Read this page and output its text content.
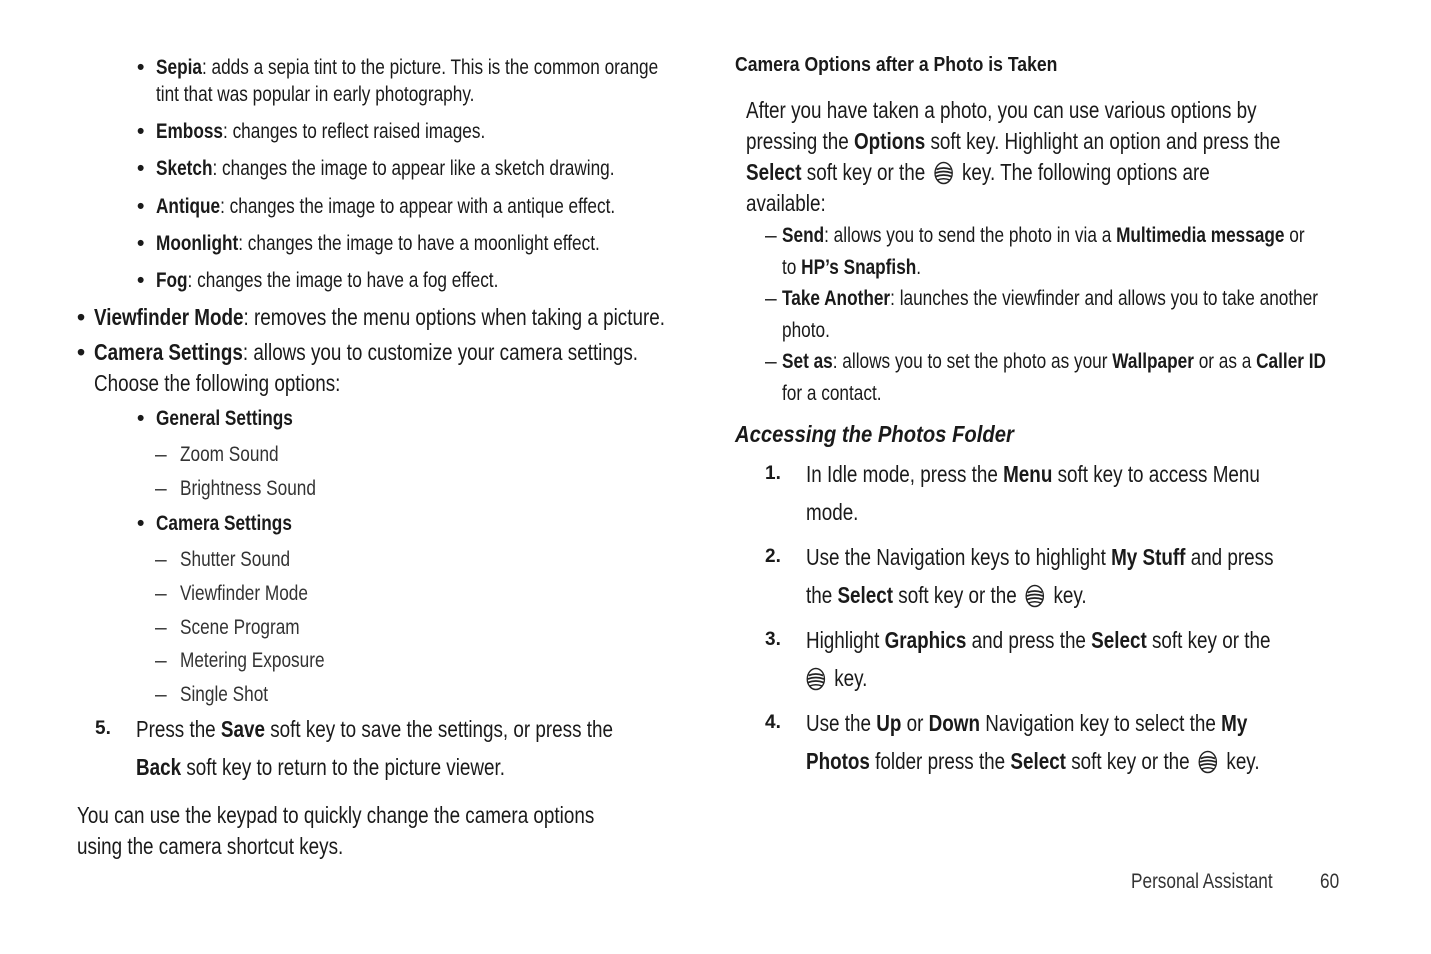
• Sepia: adds a sepia tint to the picture. This is the common orange
tint that was popular in early photography.
• Emboss: changes to reflect raised images.
• Sketch: changes the image to appear like a sketch drawing.
• Antique: changes the image to appear with a antique effect.
• Moonlight: changes the image to have a moonlight effect.
• Fog: changes the image to have a fog effect.
• Viewfinder Mode: removes the menu options when taking a picture.
• Camera Settings: allows you to customize your camera settings.
Choose the following options:
• General Settings
– Zoom Sound
– Brightness Sound
• Camera Settings
– Shutter Sound
– Viewfinder Mode
– Scene Program
– Metering Exposure
– Single Shot
5. Press the Save soft key to save the settings, or press the
Back soft key to return to the picture viewer.
You can use the keypad to quickly change the camera options
using the camera shortcut keys.
Camera Options after a Photo is Taken
After you have taken a photo, you can use various options by
pressing the Options soft key. Highlight an option and press the
Select soft key or the  key. The following options are
available:
– Send: allows you to send the photo in via a Multimedia message or
to HP’s Snapfish.
– Take Another: launches the viewfinder and allows you to take another
photo.
– Set as: allows you to set the photo as your Wallpaper or as a Caller ID
for a contact.
Accessing the Photos Folder
1. In Idle mode, press the Menu soft key to access Menu
mode.
2. Use the Navigation keys to highlight My Stuff and press
the Select soft key or the  key.
3. Highlight Graphics and press the Select soft key or the
key.
4. Use the Up or Down Navigation key to select the My
Photos folder press the Select soft key or the  key.
Personal Assistant	60
